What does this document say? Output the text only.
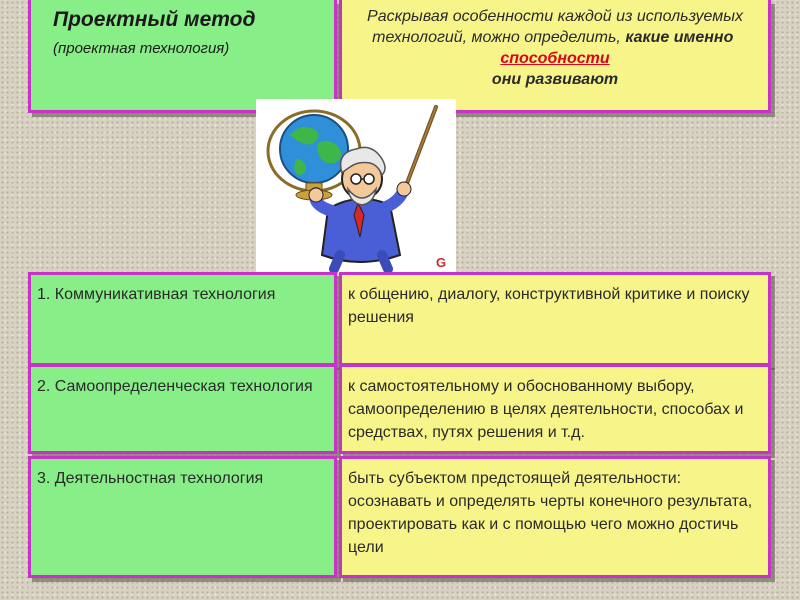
Проектный метод
(проектная технология)
Раскрывая особенности каждой из используемых технологий, можно определить, какие именно  способности
они развивают
G
1. Коммуникативная технология	к общению, диалогу, конструктивной критике и поиску решения
2. Самоопределенческая технология	к самостоятельному и обоснованному выбору, самоопределению в целях деятельности, способах и средствах, путях решения и т.д.
3. Деятельностная технология	быть субъектом предстоящей деятельности: осознавать и определять черты конечного результата, проектировать как и с помощью чего можно достичь цели
